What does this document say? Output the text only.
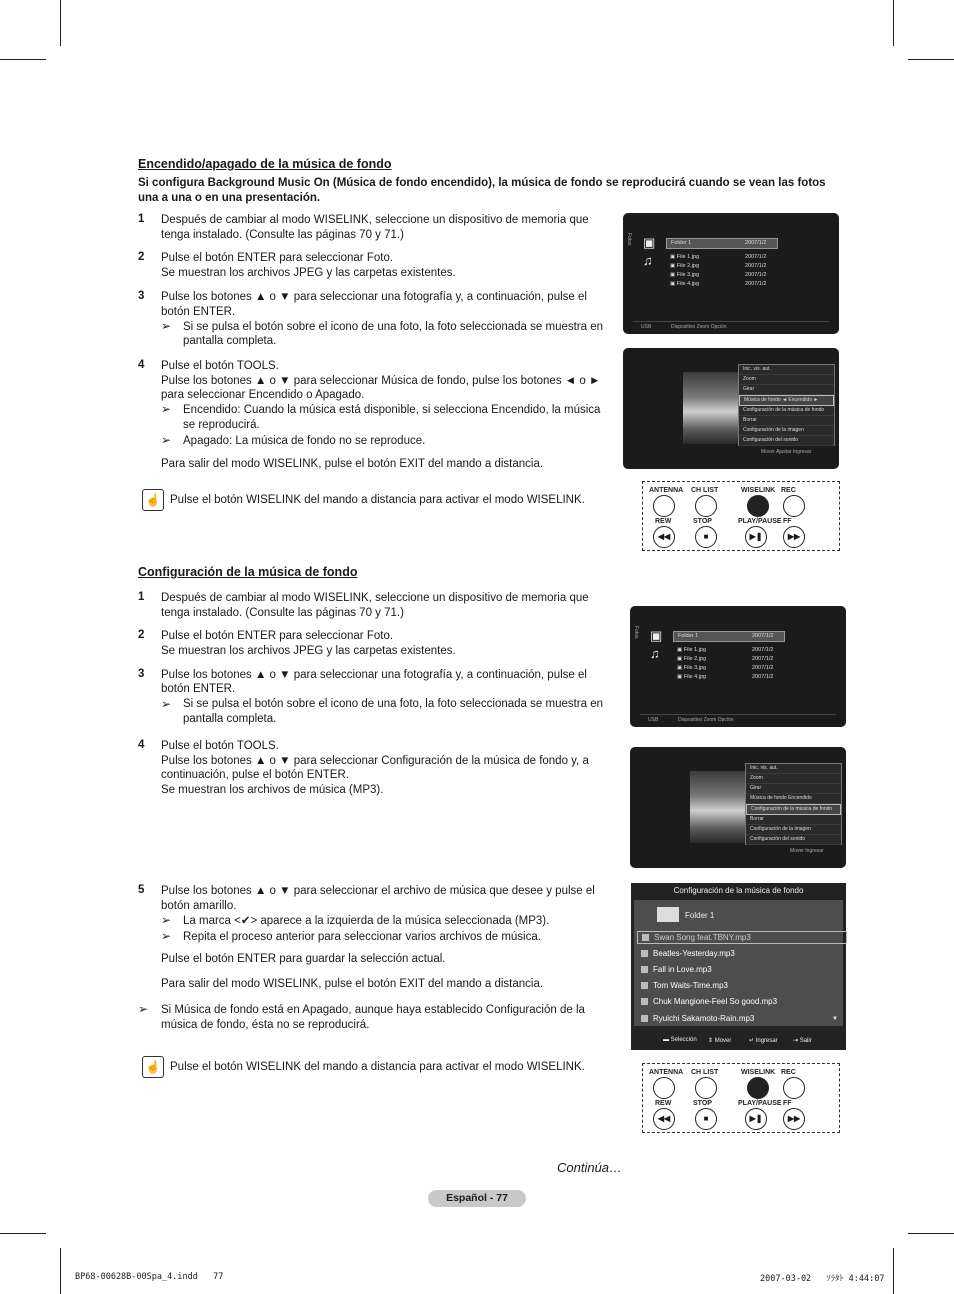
Encendido/apagado de la música de fondo
Si configura Background Music On (Música de fondo encendido), la música de fondo se reproducirá cuando se vean las fotos una a una o en una presentación.
1 Después de cambiar al modo WISELINK, seleccione un dispositivo de memoria que
tenga instalado. (Consulte las páginas 70 y 71.)
2 Pulse el botón ENTER para seleccionar Foto.
Se muestran los archivos JPEG y las carpetas existentes.
3 Pulse los botones ▲ o ▼ para seleccionar una fotografía y, a continuación, pulse el
botón ENTER.
➢ Si se pulsa el botón sobre el icono de una foto, la foto seleccionada se muestra en
pantalla completa.
4 Pulse el botón TOOLS.
Pulse los botones ▲ o ▼ para seleccionar Música de fondo, pulse los botones ◄ o ►
para seleccionar Encendido o Apagado.
➢ Encendido: Cuando la música está disponible, si selecciona Encendido, la música
se reproducirá.
➢ Apagado: La música de fondo no se reproduce.
Para salir del modo WISELINK, pulse el botón EXIT del mando a distancia.
☝ Pulse el botón WISELINK del mando a distancia para activar el modo WISELINK.
Fotos ▣
♫
Folder 1	2007/1/2
▣ File 1.jpg	2007/1/2
▣ File 2.jpg	2007/1/2
▣ File 3.jpg	2007/1/2
▣ File 4.jpg	2007/1/2
USB	Dispositivo Zoom Opción
Inic. vis. aut.
Zoom
Girar
Música de fondo ◄ Encendido ►
Configuración de la música de fondo
Borrar
Configuración de la imagen
Configuración del sonido
Mover Ajustar Ingresar
ANTENNA CH LIST	WISELINK REC
REW	STOP	PLAY/PAUSE FF
◀◀	■	▶❚	▶▶
Configuración de la música de fondo
1 Después de cambiar al modo WISELINK, seleccione un dispositivo de memoria que
tenga instalado. (Consulte las páginas 70 y 71.)
2 Pulse el botón ENTER para seleccionar Foto.
Se muestran los archivos JPEG y las carpetas existentes.
3 Pulse los botones ▲ o ▼ para seleccionar una fotografía y, a continuación, pulse el
botón ENTER.
➢ Si se pulsa el botón sobre el icono de una foto, la foto seleccionada se muestra en
pantalla completa.
4 Pulse el botón TOOLS.
Pulse los botones ▲ o ▼ para seleccionar Configuración de la música de fondo y, a
continuación, pulse el botón ENTER.
Se muestran los archivos de música (MP3).
5 Pulse los botones ▲ o ▼ para seleccionar el archivo de música que desee y pulse el
botón amarillo.
➢ La marca <✔> aparece a la izquierda de la música seleccionada (MP3).
➢ Repita el proceso anterior para seleccionar varios archivos de música.
Pulse el botón ENTER para guardar la selección actual.
Para salir del modo WISELINK, pulse el botón EXIT del mando a distancia.
➢ Si Música de fondo está en Apagado, aunque haya establecido Configuración de la
música de fondo, ésta no se reproducirá.
☝ Pulse el botón WISELINK del mando a distancia para activar el modo WISELINK.
Fotos ▣
♫
Folder 1	2007/1/2
▣ File 1.jpg	2007/1/2
▣ File 2.jpg	2007/1/2
▣ File 3.jpg	2007/1/2
▣ File 4.jpg	2007/1/2
USB	Dispositivo Zoom Opción
Inic. vis. aut.
Zoom
Girar
Música de fondo Encendido
Configuración de la música de fondo
Borrar
Configuración de la imagen
Configuración del sonido
Mover Ingresar
Configuración de la música de fondo
Folder 1
Swan Song feat.TBNY.mp3
Beatles-Yesterday.mp3
Fall in Love.mp3
Tom Waits-Time.mp3
Chuk Mangione-Feel So good.mp3
Ryuichi Sakamoto-Rain.mp3	▼
▬ Selección ⇕ Mover	↵ Ingresar	⇥ Salir
ANTENNA CH LIST	WISELINK REC
REW	STOP	PLAY/PAUSE FF
◀◀	■	▶❚	▶▶
Continúa…
Español - 77
BP68-00628B-00Spa_4.indd   77	2007-03-02   ｿﾗﾀﾄ 4:44:07
